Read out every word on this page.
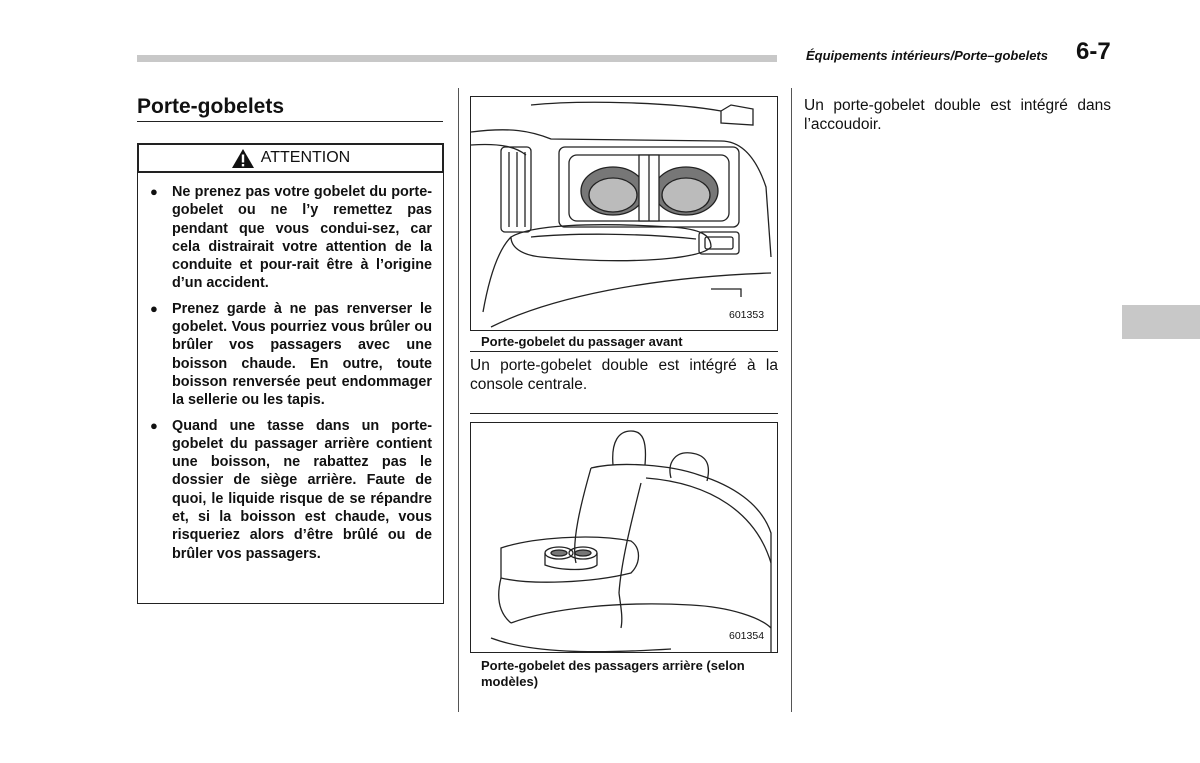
Équipements intérieurs/Porte–gobelets 6-7
Porte-gobelets
ATTENTION
● Ne prenez pas votre gobelet du porte-gobelet ou ne l’y remettez pas pendant que vous condui-sez, car cela distrairait votre attention de la conduite et pour-rait être à l’origine d’un accident.
● Prenez garde à ne pas renverser le gobelet. Vous pourriez vous brûler ou brûler vos passagers avec une boisson chaude. En outre, toute boisson renversée peut endommager la sellerie ou les tapis.
● Quand une tasse dans un porte-gobelet du passager arrière contient une boisson, ne rabattez pas le dossier de siège arrière. Faute de quoi, le liquide risque de se répandre et, si la boisson est chaude, vous risqueriez alors d’être brûlé ou de brûler vos passagers.
601353
Porte-gobelet du passager avant
Un porte-gobelet double est intégré à la console centrale.
601354
Porte-gobelet des passagers arrière (selon modèles)
Un porte-gobelet double est intégré dans l’accoudoir.
